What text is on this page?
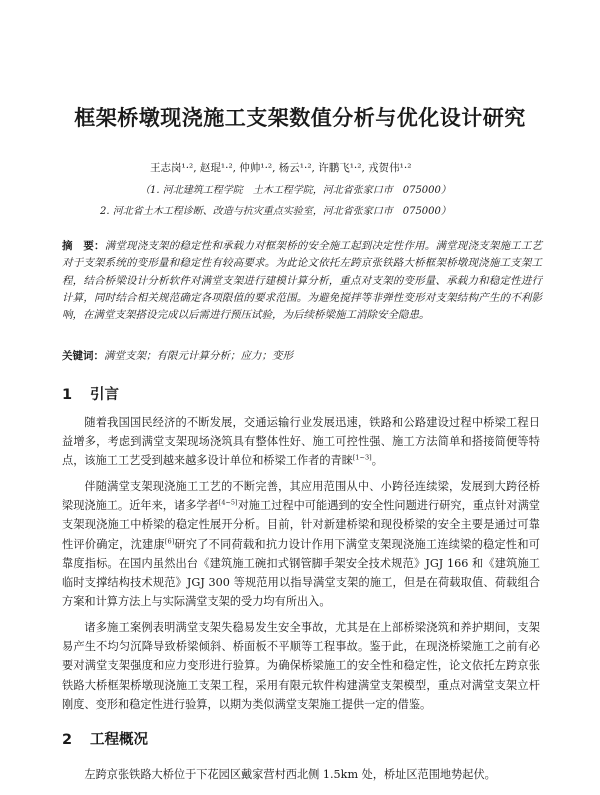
框架桥墩现浇施工支架数值分析与优化设计研究
王志岗¹·², 赵琨¹·², 仲帅¹·², 杨云¹·², 许鹏飞¹·², 戎贺伟¹·²
（1. 河北建筑工程学院　土木工程学院，河北省张家口市　075000）
2. 河北省土木工程诊断、改造与抗灾重点实验室，河北省张家口市　075000）
摘　要：满堂现浇支架的稳定性和承载力对框架桥的安全施工起到决定性作用。满堂现浇支架施工工艺对于支架系统的变形量和稳定性有较高要求。为此论文依托左跨京张铁路大桥框架桥墩现浇施工支架工程，结合桥梁设计分析软件对满堂支架进行建模计算分析，重点对支架的变形量、承载力和稳定性进行计算，同时结合相关规范确定各项限值的要求范围。为避免搅拌等非弹性变形对支架结构产生的不利影响，在满堂支架搭设完成以后需进行预压试验，为后续桥梁施工消除安全隐患。
关键词：满堂支架；有限元计算分析；应力；变形
1 引言
随着我国国民经济的不断发展，交通运输行业发展迅速，铁路和公路建设过程中桥梁工程日益增多，考虑到满堂支架现场浇筑具有整体性好、施工可控性强、施工方法简单和搭接简便等特点，该施工工艺受到越来越多设计单位和桥梁工作者的青睐[1~3]。
伴随满堂支架现浇施工工艺的不断完善，其应用范围从中、小跨径连续梁，发展到大跨径桥梁现浇施工。近年来，诸多学者[4~5]对施工过程中可能遇到的安全性问题进行研究，重点针对满堂支架现浇施工中桥梁的稳定性展开分析。目前，针对新建桥梁和现役桥梁的安全主要是通过可靠性评价确定，沈建康[6]研究了不同荷载和抗力设计作用下满堂支架现浇施工连续梁的稳定性和可靠度指标。在国内虽然出台《建筑施工碗扣式钢管脚手架安全技术规范》JGJ 166 和《建筑施工临时支撑结构技术规范》JGJ 300 等规范用以指导满堂支架的施工，但是在荷载取值、荷载组合方案和计算方法上与实际满堂支架的受力均有所出入。
诸多施工案例表明满堂支架失稳易发生安全事故，尤其是在上部桥梁浇筑和养护期间，支架易产生不均匀沉降导致桥梁倾斜、桥面板不平顺等工程事故。鉴于此，在现浇桥梁施工之前有必要对满堂支架强度和应力变形进行验算。为确保桥梁施工的安全性和稳定性，论文依托左跨京张铁路大桥框架桥墩现浇施工支架工程，采用有限元软件构建满堂支架模型，重点对满堂支架立杆刚度、变形和稳定性进行验算，以期为类似满堂支架施工提供一定的借鉴。
2 工程概况
左跨京张铁路大桥位于下花园区戴家营村西北侧 1.5km 处，桥址区范围地势起伏。
